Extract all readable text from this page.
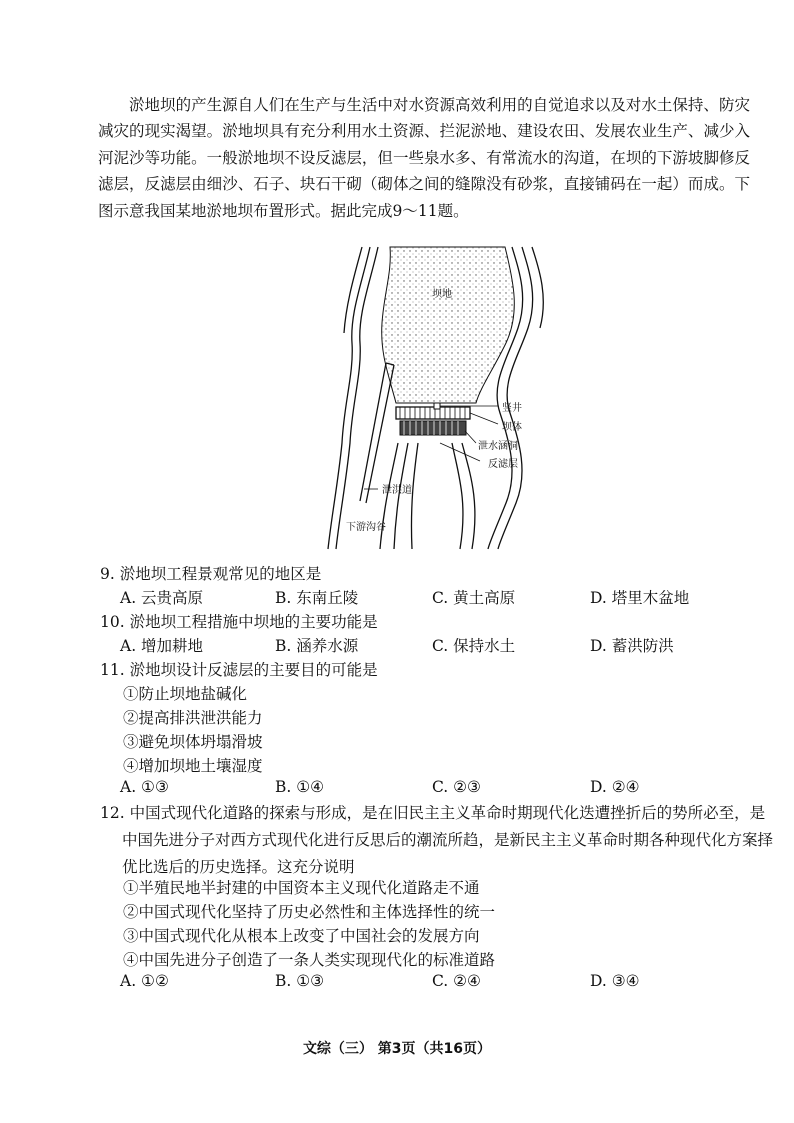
淤地坝的产生源自人们在生产与生活中对水资源高效利用的自觉追求以及对水土保持、防灾减灾的现实渴望。淤地坝具有充分利用水土资源、拦泥淤地、建设农田、发展农业生产、减少入河泥沙等功能。一般淤地坝不设反滤层，但一些泉水多、有常流水的沟道，在坝的下游坡脚修反滤层，反滤层由细沙、石子、块石干砌（砌体之间的缝隙没有砂浆，直接铺码在一起）而成。下图示意我国某地淤地坝布置形式。据此完成9～11题。
坝地
竖井
坝体
泄水涵洞
反滤层
泄洪道
下游沟谷
9. 淤地坝工程景观常见的地区是
A. 云贵高原	B. 东南丘陵	C. 黄土高原	D. 塔里木盆地
10. 淤地坝工程措施中坝地的主要功能是
A. 增加耕地	B. 涵养水源	C. 保持水土	D. 蓄洪防洪
11. 淤地坝设计反滤层的主要目的可能是
①防止坝地盐碱化
②提高排洪泄洪能力
③避免坝体坍塌滑坡
④增加坝地土壤湿度
A. ①③	B. ①④	C. ②③	D. ②④
12. 中国式现代化道路的探索与形成，是在旧民主主义革命时期现代化迭遭挫折后的势所必至，是中国先进分子对西方式现代化进行反思后的潮流所趋，是新民主主义革命时期各种现代化方案择优比选后的历史选择。这充分说明
①半殖民地半封建的中国资本主义现代化道路走不通
②中国式现代化坚持了历史必然性和主体选择性的统一
③中国式现代化从根本上改变了中国社会的发展方向
④中国先进分子创造了一条人类实现现代化的标准道路
A. ①②	B. ①③	C. ②④	D. ③④
文综（三） 第3页（共16页）
